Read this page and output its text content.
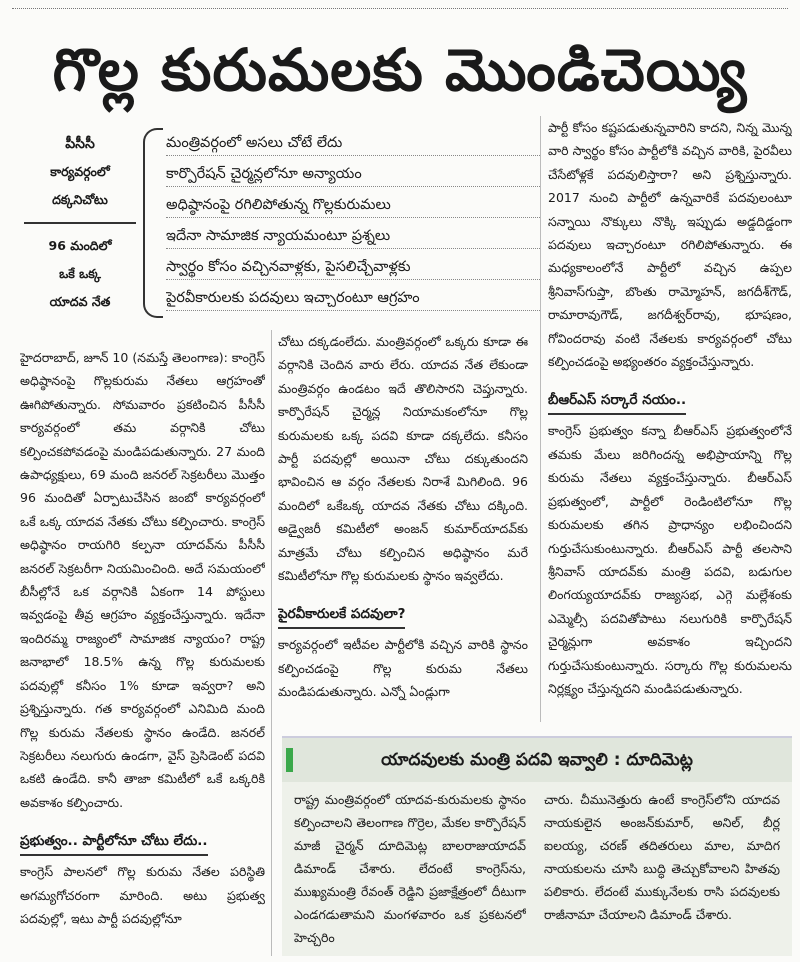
గొల్ల కురుమలకు మొండిచెయ్యి
పీసీసీ
కార్యవర్గంలో
దక్కనిచోటు
96 మందిలో
ఒకే ఒక్క
యాదవ నేత
మంత్రివర్గంలో అసలు చోటే లేదు
కార్పొరేషన్ చైర్మన్లలోనూ అన్యాయం
అధిష్ఠానంపై రగిలిపోతున్న గొల్లకురుమలు
ఇదేనా సామాజిక న్యాయమంటూ ప్రశ్నలు
స్వార్థం కోసం వచ్చినవాళ్లకు, పైసలిచ్చేవాళ్లకు
పైరవీకారులకు పదవులు ఇచ్చారంటూ ఆగ్రహం

హైదరాబాద్, జూన్ 10 (నమస్తే తెలంగాణ): కాంగ్రెస్ అధిష్ఠానంపై గొల్లకురుమ నేతలు ఆగ్రహంతో ఊగిపోతున్నారు. సోమవారం ప్రకటించిన పీసీసీ కార్యవర్గంలో తమ వర్గానికి చోటు కల్పించకపోవడంపై మండిపడుతున్నారు. 27 మంది ఉపాధ్యక్షులు, 69 మంది జనరల్ సెక్రటరీలు మొత్తం 96 మందితో ఏర్పాటుచేసిన జంబో కార్యవర్గంలో ఒకే ఒక్క యాదవ నేతకు చోటు కల్పించారు. కాంగ్రెస్ అధిష్ఠానం రాయగిరి కల్పనా యాదవ్‌ను పీసీసీ జనరల్ సెక్రటరీగా నియమించింది. అదే సమయంలో బీసీల్లోనే ఒక వర్గానికి ఏకంగా 14 పోస్టులు ఇవ్వడంపై తీవ్ర ఆగ్రహం వ్యక్తంచేస్తున్నారు. ఇదేనా ఇందిరమ్మ రాజ్యంలో సామాజిక న్యాయం? రాష్ట్ర జనాభాలో 18.5% ఉన్న గొల్ల కురుమలకు పదవుల్లో కనీసం 1% కూడా ఇవ్వరా? అని ప్రశ్నిస్తున్నారు. గత కార్యవర్గంలో ఎనిమిది మంది గొల్ల కురుమ నేతలకు స్థానం ఉండేది. జనరల్ సెక్రటరీలు నలుగురు ఉండగా, వైస్ ప్రెసిడెంట్ పదవి ఒకటి ఉండేది. కానీ తాజా కమిటీలో ఒకే ఒక్కరికి అవకాశం కల్పించారు.

ప్రభుత్వం.. పార్టీలోనూ చోటు లేదు..

కాంగ్రెస్ పాలనలో గొల్ల కురుమ నేతల పరిస్థితి అగమ్యగోచరంగా మారింది. అటు ప్రభుత్వ పదవుల్లో, ఇటు పార్టీ పదవుల్లోనూ

చోటు దక్కడంలేదు. మంత్రివర్గంలో ఒక్కరు కూడా ఈ వర్గానికి చెందిన వారు లేరు. యాదవ నేత లేకుండా మంత్రివర్గం ఉండటం ఇదే తొలిసారని చెప్తున్నారు. కార్పొరేషన్ చైర్మన్ల నియామకంలోనూ గొల్ల కురుమలకు ఒక్క పదవి కూడా దక్కలేదు. కనీసం పార్టీ పదవుల్లో అయినా చోటు దక్కుతుందని భావించిన ఆ వర్గం నేతలకు నిరాశే మిగిలింది. 96 మందిలో ఒకేఒక్క యాదవ నేతకు చోటు దక్కింది. అడ్వైజరీ కమిటీలో అంజన్ కుమార్‌యాదవ్‌కు మాత్రమే చోటు కల్పించిన అధిష్ఠానం మరే కమిటీలోనూ గొల్ల కురుమలకు స్థానం ఇవ్వలేదు.

పైరవీకారులకే పదవులా?

కార్యవర్గంలో ఇటీవల పార్టీలోకి వచ్చిన వారికి స్థానం కల్పించడంపై గొల్ల కురుమ నేతలు మండిపడుతున్నారు. ఎన్నో ఏండ్లుగా

పార్టీ కోసం కష్టపడుతున్నవారిని కాదని, నిన్న మొన్న వారి స్వార్థం కోసం పార్టీలోకి వచ్చిన వారికి, పైరవీలు చేసేటోళ్లకే పదవులిస్తారా? అని ప్రశ్నిస్తున్నారు. 2017 నుంచి పార్టీలో ఉన్నవారికే పదవులంటూ సన్నాయి నొక్కులు నొక్కి ఇప్పుడు అడ్డదిడ్డంగా పదవులు ఇచ్చారంటూ రగిలిపోతున్నారు. ఈ మధ్యకాలంలోనే పార్టీలో వచ్చిన ఉప్పల శ్రీనివాస్‌గుప్తా, బొంతు రామ్మోహన్, జగదీశ్‌గౌడ్, రామారావుగౌడ్, జగదీశ్వర్‌రావు, భూషణం, గోవిందరావు వంటి నేతలకు కార్యవర్గంలో చోటు కల్పించడంపై అభ్యంతరం వ్యక్తంచేస్తున్నారు.

బీఆర్ఎస్ సర్కారే నయం..

కాంగ్రెస్ ప్రభుత్వం కన్నా బీఆర్ఎస్ ప్రభుత్వంలోనే తమకు మేలు జరిగిందన్న అభిప్రాయాన్ని గొల్ల కురుమ నేతలు వ్యక్తంచేస్తున్నారు. బీఆర్ఎస్ ప్రభుత్వంలో, పార్టీలో రెండింటిలోనూ గొల్ల కురుమలకు తగిన ప్రాధాన్యం లభించిందని గుర్తుచేసుకుంటున్నారు. బీఆర్ఎస్ పార్టీ తలసాని శ్రీనివాస్ యాదవ్‌కు మంత్రి పదవి, బడుగుల లింగయ్యయాదవ్‌కు రాజ్యసభ, ఎగ్గె మల్లేశంకు ఎమ్మెల్సీ పదవితోపాటు నలుగురికి కార్పొరేషన్ చైర్మన్లుగా అవకాశం ఇచ్చిందని గుర్తుచేసుకుంటున్నారు. సర్కారు గొల్ల కురుమలను నిర్లక్ష్యం చేస్తున్నదని మండిపడుతున్నారు.

యాదవులకు మంత్రి పదవి ఇవ్వాలి : దూదిమెట్ల
రాష్ట్ర మంత్రివర్గంలో యాదవ-కురుమలకు స్థానం కల్పించాలని తెలంగాణ గొర్రెల, మేకల కార్పొరేషన్ మాజీ చైర్మన్ దూదిమెట్ల బాలరాజుయాదవ్ డిమాండ్ చేశారు. లేదంటే కాంగ్రెస్‌ను, ముఖ్యమంత్రి రేవంత్ రెడ్డిని ప్రజాక్షేత్రంలో దీటుగా ఎండగడుతామని మంగళవారం ఒక ప్రకటనలో హెచ్చరిం
చారు. చీమునెత్తురు ఉంటే కాంగ్రెస్‌లోని యాదవ నాయకులైన అంజన్‌కుమార్, అనిల్, బీర్ల ఐలయ్య, చరణ్ తదితరులు మాల, మాదిగ నాయకులను చూసి బుద్ధి తెచ్చుకోవాలని హితవు పలికారు. లేదంటే ముక్కునేలకు రాసి పదవులకు రాజీనామా చేయాలని డిమాండ్ చేశారు.
